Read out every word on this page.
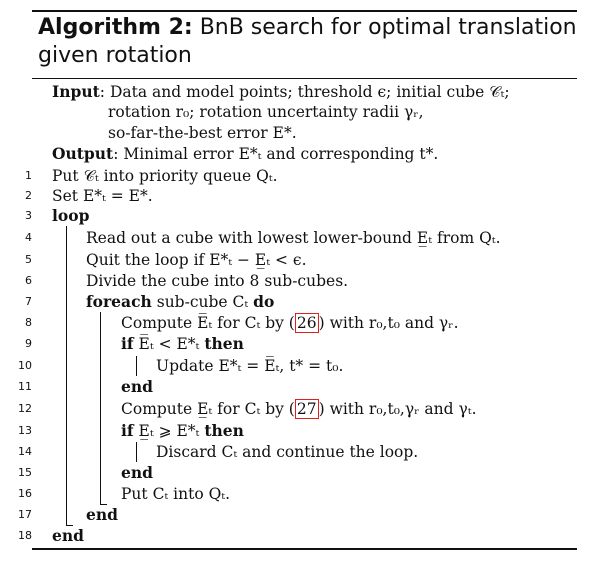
Algorithm 2: BnB search for optimal translation given rotation
Input: Data and model points; threshold ϵ; initial cube 𝒞ₜ;
rotation r₀; rotation uncertainty radii γᵣ,
so-far-the-best error E*.
Output: Minimal error E*ₜ and corresponding t*.
1
2
3
4
5
6
7
8
9
10
11
12
13
14
15
16
17
18
Put 𝒞ₜ into priority queue Qₜ.
Set E*ₜ = E*.
loop
Read out a cube with lowest lower-bound E̲ₜ from Qₜ.
Quit the loop if E*ₜ − E̲ₜ < ϵ.
Divide the cube into 8 sub-cubes.
foreach sub-cube Cₜ do
Compute E̅ₜ for Cₜ by ( 26 ) with r₀,t₀ and γᵣ.
if E̅ₜ < E*ₜ then
Update E*ₜ = E̅ₜ, t* = t₀.
end
Compute E̲ₜ for Cₜ by ( 27 ) with r₀,t₀,γᵣ and γₜ.
if E̲ₜ ⩾ E*ₜ then
Discard Cₜ and continue the loop.
end
Put Cₜ into Qₜ.
end
end
